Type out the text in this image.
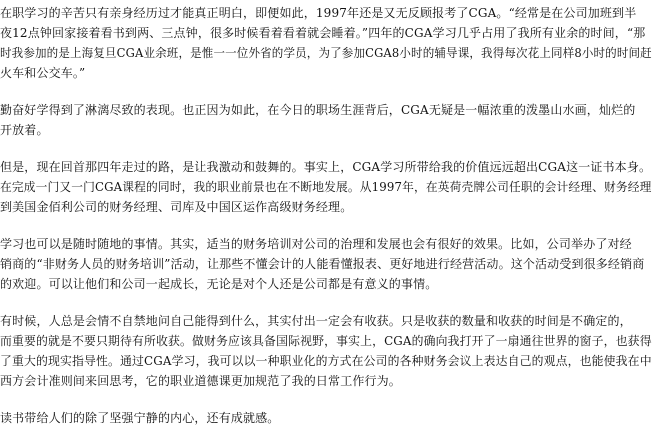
在职学习的辛苦只有亲身经历过才能真正明白，即便如此，1997年还是又无反顾报考了CGA。“经常是在公司加班到半
夜12点钟回家接着看书到两、三点钟，很多时候看着看着就会睡着。”四年的CGA学习几乎占用了我所有业余的时间，“那
时我参加的是上海复旦CGA业余班，是惟一一位外省的学员，为了参加CGA8小时的辅导课，我得每次花上同样8小时的时间赶
火车和公交车。”
勤奋好学得到了淋漓尽致的表现。也正因为如此，在今日的职场生涯背后，CGA无疑是一幅浓重的泼墨山水画，灿烂的
开放着。
但是，现在回首那四年走过的路，是让我激动和鼓舞的。事实上，CGA学习所带给我的价值远远超出CGA这一证书本身。
在完成一门又一门CGA课程的同时，我的职业前景也在不断地发展。从1997年，在英荷壳牌公司任职的会计经理、财务经理
到美国金佰利公司的财务经理、司库及中国区运作高级财务经理。
学习也可以是随时随地的事情。其实，适当的财务培训对公司的治理和发展也会有很好的效果。比如，公司举办了对经
销商的“非财务人员的财务培训”活动，让那些不懂会计的人能看懂报表、更好地进行经营活动。这个活动受到很多经销商
的欢迎。可以让他们和公司一起成长，无论是对个人还是公司都是有意义的事情。
有时候，人总是会情不自禁地问自己能得到什么，其实付出一定会有收获。只是收获的数量和收获的时间是不确定的，
而重要的就是不要只期待有所收获。做财务应该具备国际视野，事实上，CGA的确向我打开了一扇通往世界的窗子，也获得
了重大的现实指导性。通过CGA学习，我可以以一种职业化的方式在公司的各种财务会议上表达自己的观点，也能使我在中
西方会计准则间来回思考，它的职业道德课更加规范了我的日常工作行为。
读书带给人们的除了坚强宁静的内心，还有成就感。
